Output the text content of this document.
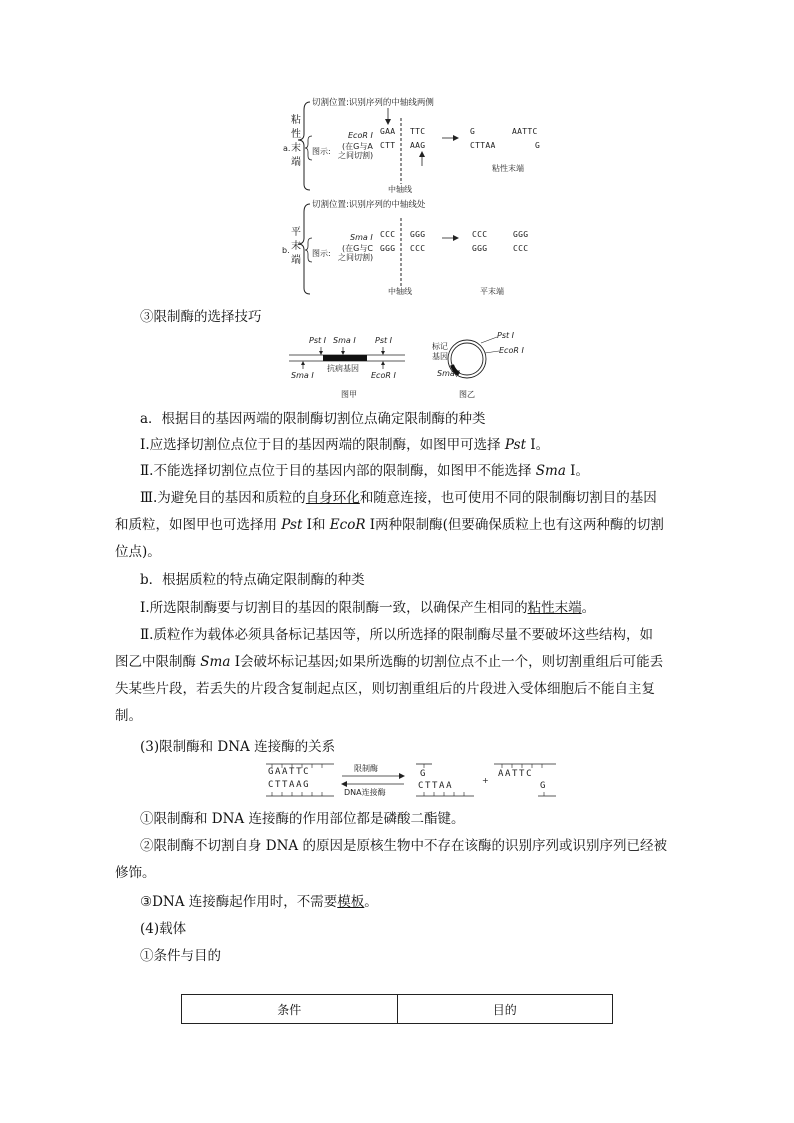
a.
粘
性
末
端
切割位置:识别序列的中轴线两侧
图示:
EcoR Ⅰ
(在G与A
之间切割)
GAA TTC
CTT AAG
G	AATTC
CTTAA	G
粘性末端
中轴线
b.
平
末
端
切割位置:识别序列的中轴线处
图示:
Sma Ⅰ
(在G与C
之间切割)
CCC GGG
GGG CCC
CCC	GGG
GGG	CCC
中轴线	平末端
③限制酶的选择技巧
Pst Ⅰ Sma Ⅰ Pst Ⅰ
抗病基因
Sma Ⅰ	EcoR Ⅰ
图甲
标记
基因
Pst Ⅰ
EcoR Ⅰ
Sma Ⅰ
图乙
a．根据目的基因两端的限制酶切割位点确定限制酶的种类
Ⅰ.应选择切割位点位于目的基因两端的限制酶，如图甲可选择 Pst Ⅰ。
Ⅱ.不能选择切割位点位于目的基因内部的限制酶，如图甲不能选择 Sma Ⅰ。
Ⅲ.为避免目的基因和质粒的自身环化和随意连接，也可使用不同的限制酶切割目的基因
和质粒，如图甲也可选择用 Pst Ⅰ和 EcoR Ⅰ两种限制酶(但要确保质粒上也有这两种酶的切割
位点)。
b．根据质粒的特点确定限制酶的种类
Ⅰ.所选限制酶要与切割目的基因的限制酶一致，以确保产生相同的粘性末端。
Ⅱ.质粒作为载体必须具备标记基因等，所以所选择的限制酶尽量不要破坏这些结构，如
图乙中限制酶 Sma Ⅰ会破坏标记基因;如果所选酶的切割位点不止一个，则切割重组后可能丢
失某些片段，若丢失的片段含复制起点区，则切割重组后的片段进入受体细胞后不能自主复
制。
(3)限制酶和 DNA 连接酶的关系
GAATTC
CTTAAG
限制酶
DNA连接酶
G
CTTAA
+
AATTC
G
①限制酶和 DNA 连接酶的作用部位都是磷酸二酯键。
②限制酶不切割自身 DNA 的原因是原核生物中不存在该酶的识别序列或识别序列已经被
修饰。
③DNA 连接酶起作用时，不需要模板。
(4)载体
①条件与目的
条件	目的
